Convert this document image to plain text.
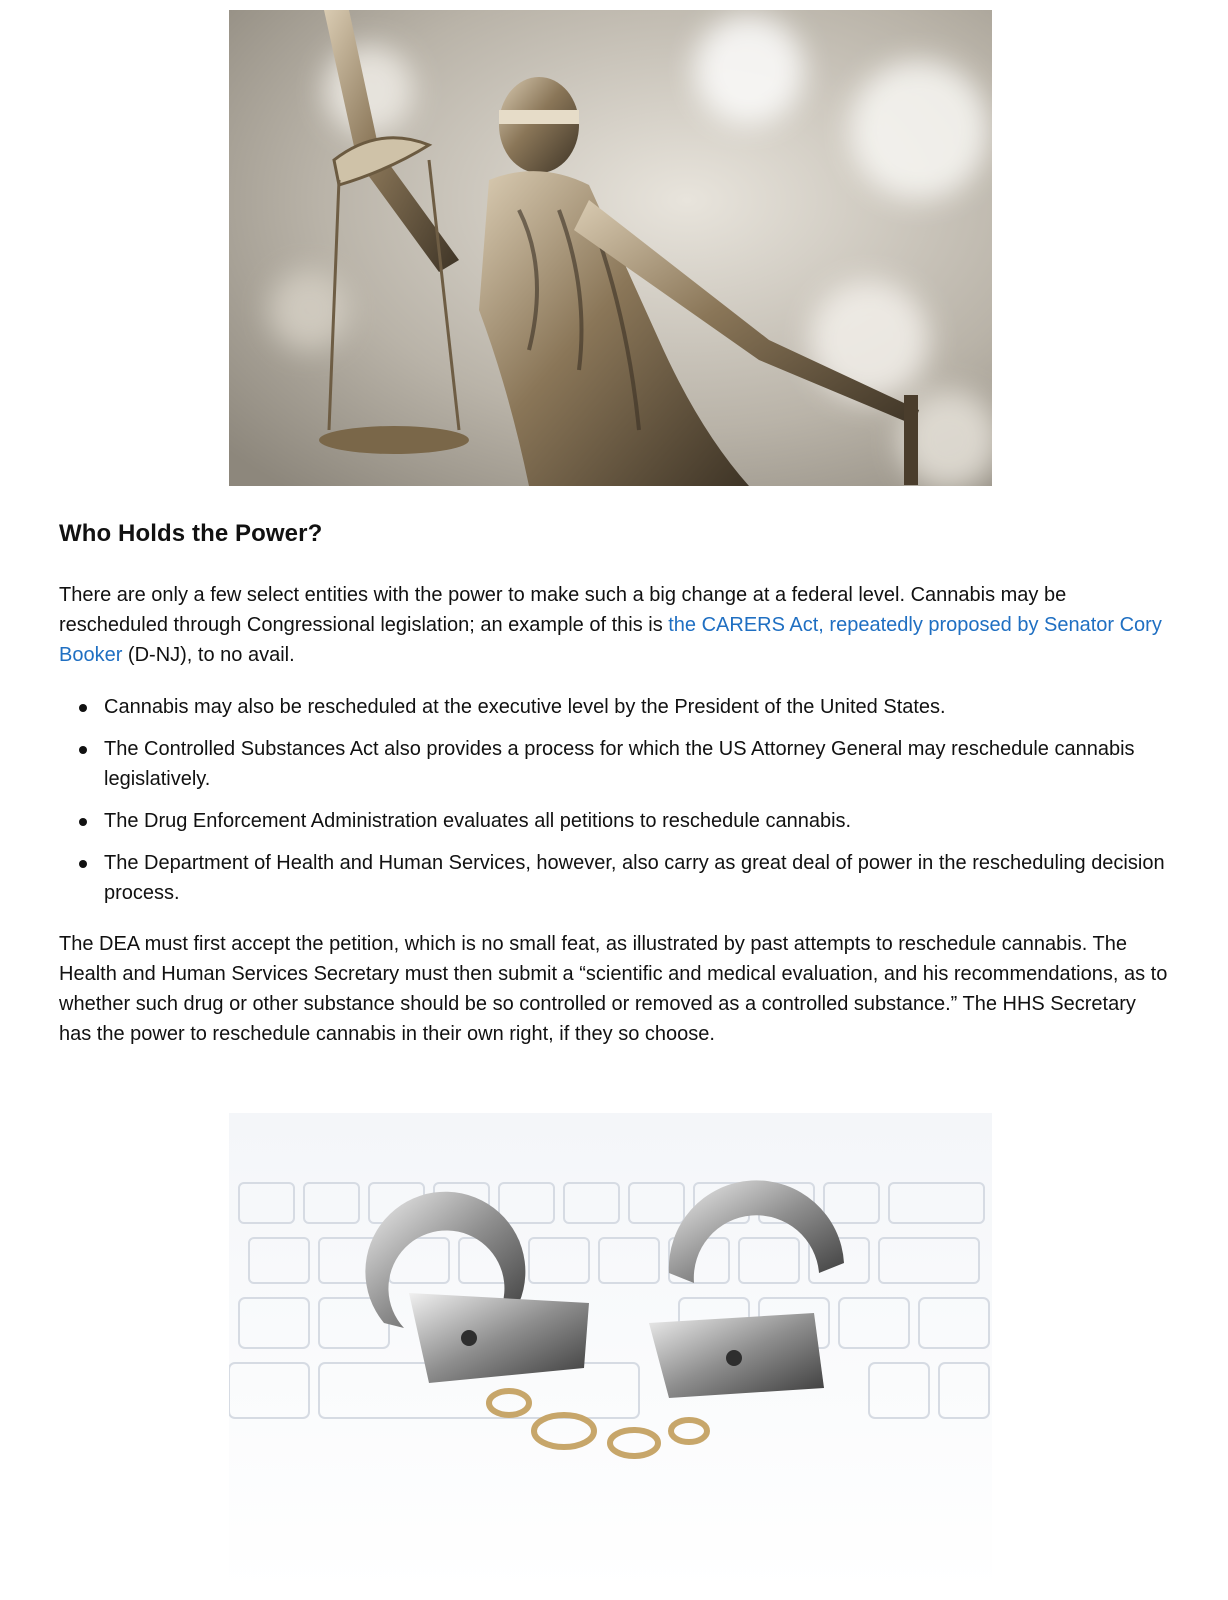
Who Holds the Power?

There are only a few select entities with the power to make such a big change at a federal level. Cannabis may be rescheduled through Congressional legislation; an example of this is the CARERS Act, repeatedly proposed by Senator Cory Booker (D-NJ), to no avail.

Cannabis may also be rescheduled at the executive level by the President of the United States.
The Controlled Substances Act also provides a process for which the US Attorney General may reschedule cannabis legislatively.
The Drug Enforcement Administration evaluates all petitions to reschedule cannabis.
The Department of Health and Human Services, however, also carry as great deal of power in the rescheduling decision process.

The DEA must first accept the petition, which is no small feat, as illustrated by past attempts to reschedule cannabis. The Health and Human Services Secretary must then submit a “scientific and medical evaluation, and his recommendations, as to whether such drug or other substance should be so controlled or removed as a controlled substance.” The HHS Secretary has the power to reschedule cannabis in their own right, if they so choose.
